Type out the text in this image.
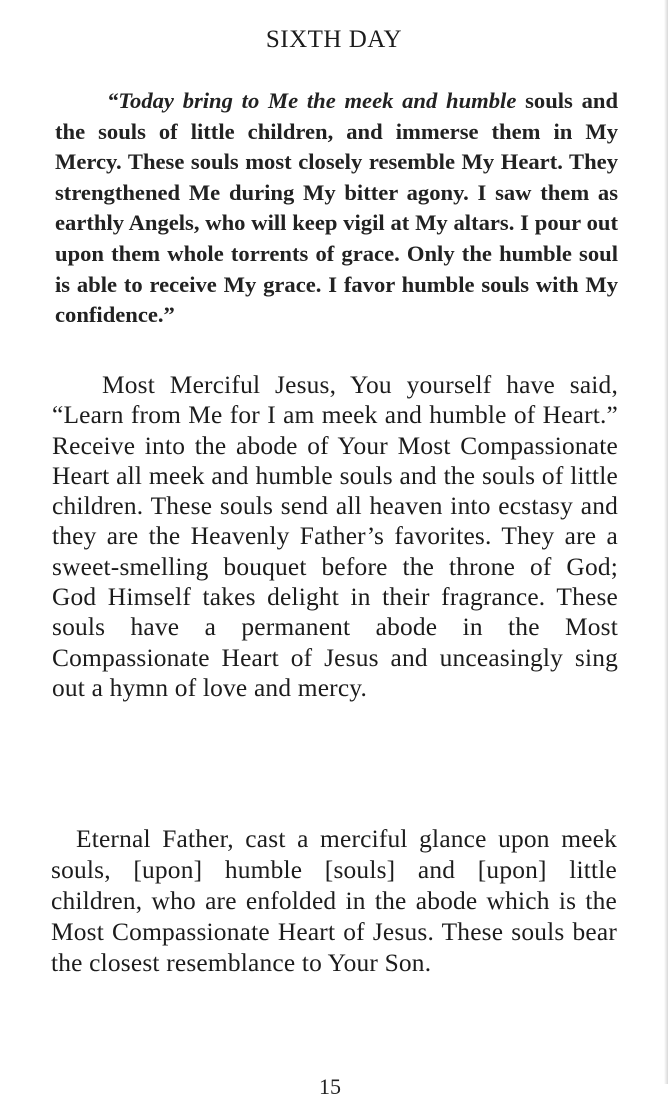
SIXTH DAY

“Today bring to Me the meek and humble souls and the souls of little children, and immerse them in My Mercy. These souls most closely resemble My Heart. They strengthened Me during My bitter agony. I saw them as earthly Angels, who will keep vigil at My altars. I pour out upon them whole torrents of grace. Only the humble soul is able to receive My grace. I favor humble souls with My confidence.”

Most Merciful Jesus, You yourself have said, “Learn from Me for I am meek and humble of Heart.” Receive into the abode of Your Most Compassionate Heart all meek and humble souls and the souls of little children. These souls send all heaven into ecstasy and they are the Heavenly Father’s favorites. They are a sweet-smelling bouquet before the throne of God; God Himself takes delight in their fragrance. These souls have a permanent abode in the Most Compassionate Heart of Jesus and unceasingly sing out a hymn of love and mercy.

Eternal Father, cast a merciful glance upon meek souls, [upon] humble [souls] and [upon] little children, who are enfolded in the abode which is the Most Compassionate Heart of Jesus. These souls bear the closest resemblance to Your Son.

15
